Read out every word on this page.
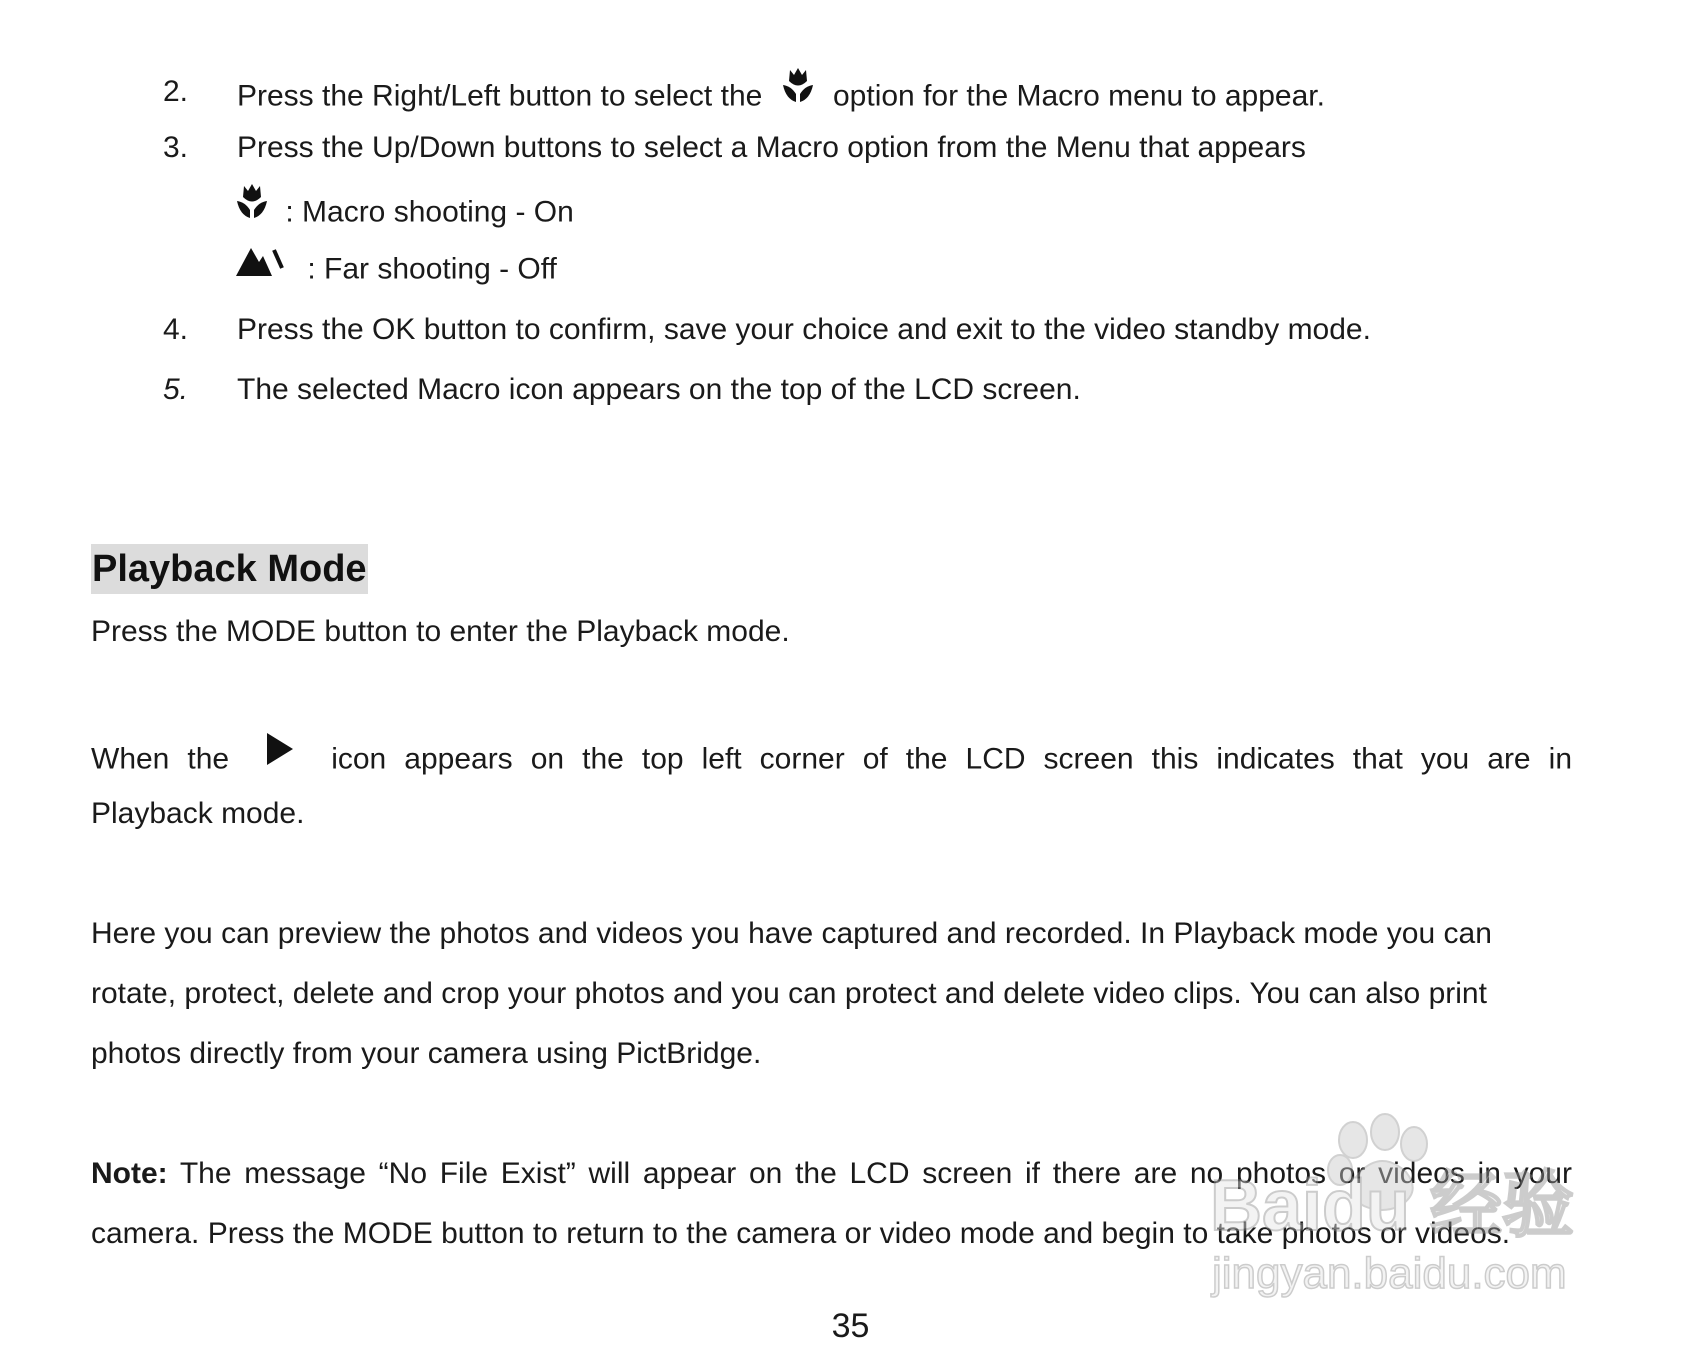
2. Press the Right/Left button to select the option for the Macro menu to appear.
3. Press the Up/Down buttons to select a Macro option from the Menu that appears
: Macro shooting - On
: Far shooting - Off
4. Press the OK button to confirm, save your choice and exit to the video standby mode.
5. The selected Macro icon appears on the top of the LCD screen.
Playback Mode
Press the MODE button to enter the Playback mode.
When the	icon appears on the top left corner of the LCD screen this indicates that you are in
Playback mode.
Here you can preview the photos and videos you have captured and recorded. In Playback mode you can
rotate, protect, delete and crop your photos and you can protect and delete video clips. You can also print
photos directly from your camera using PictBridge.
Note: The message “No File Exist” will appear on the LCD screen if there are no photos or videos in your
camera. Press the MODE button to return to the camera or video mode and begin to take photos or videos.
35
Baidu 经验
jingyan.baidu.com
